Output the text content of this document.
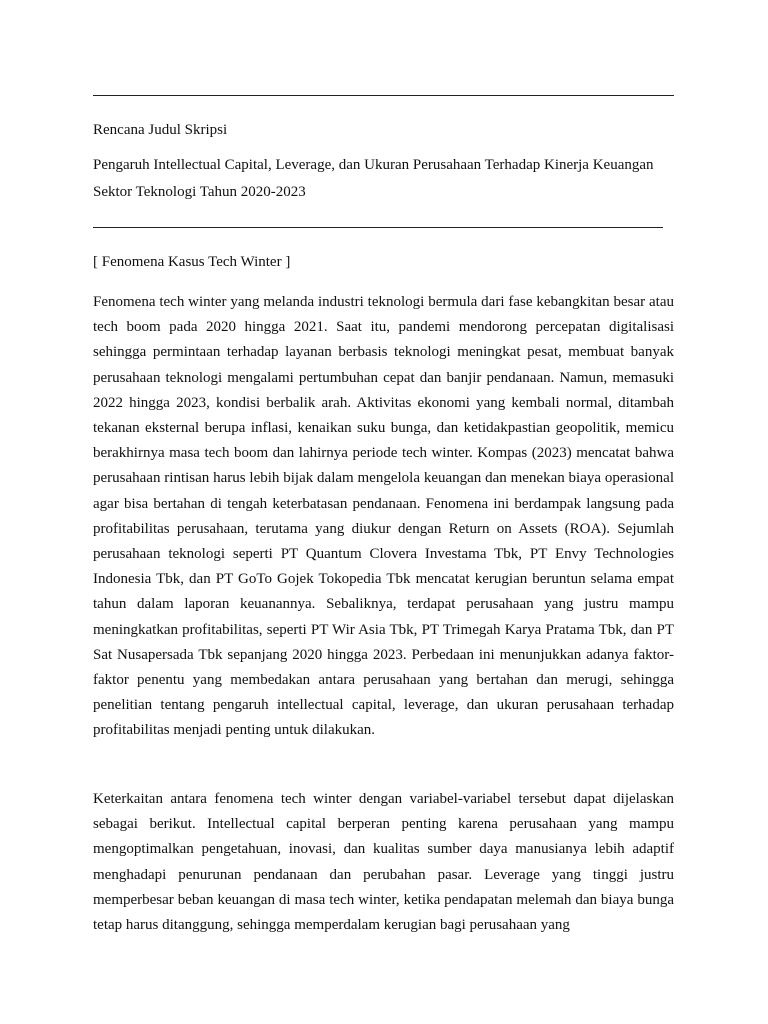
Rencana Judul Skripsi
Pengaruh Intellectual Capital, Leverage, dan Ukuran Perusahaan Terhadap Kinerja Keuangan
Sektor Teknologi Tahun 2020-2023
[ Fenomena Kasus Tech Winter ]

Fenomena tech winter yang melanda industri teknologi bermula dari fase kebangkitan besar atau tech boom pada 2020 hingga 2021. Saat itu, pandemi mendorong percepatan digitalisasi sehingga permintaan terhadap layanan berbasis teknologi meningkat pesat, membuat banyak perusahaan teknologi mengalami pertumbuhan cepat dan banjir pendanaan. Namun, memasuki 2022 hingga 2023, kondisi berbalik arah. Aktivitas ekonomi yang kembali normal, ditambah tekanan eksternal berupa inflasi, kenaikan suku bunga, dan ketidakpastian geopolitik, memicu berakhirnya masa tech boom dan lahirnya periode tech winter. Kompas (2023) mencatat bahwa perusahaan rintisan harus lebih bijak dalam mengelola keuangan dan menekan biaya operasional agar bisa bertahan di tengah keterbatasan pendanaan. Fenomena ini berdampak langsung pada profitabilitas perusahaan, terutama yang diukur dengan Return on Assets (ROA). Sejumlah perusahaan teknologi seperti PT Quantum Clovera Investama Tbk, PT Envy Technologies Indonesia Tbk, dan PT GoTo Gojek Tokopedia Tbk mencatat kerugian beruntun selama empat tahun dalam laporan keuanannya. Sebaliknya, terdapat perusahaan yang justru mampu meningkatkan profitabilitas, seperti PT Wir Asia Tbk, PT Trimegah Karya Pratama Tbk, dan PT Sat Nusapersada Tbk sepanjang 2020 hingga 2023. Perbedaan ini menunjukkan adanya faktor-faktor penentu yang membedakan antara perusahaan yang bertahan dan merugi, sehingga penelitian tentang pengaruh intellectual capital, leverage, dan ukuran perusahaan terhadap profitabilitas menjadi penting untuk dilakukan.

Keterkaitan antara fenomena tech winter dengan variabel-variabel tersebut dapat dijelaskan sebagai berikut. Intellectual capital berperan penting karena perusahaan yang mampu mengoptimalkan pengetahuan, inovasi, dan kualitas sumber daya manusianya lebih adaptif menghadapi penurunan pendanaan dan perubahan pasar. Leverage yang tinggi justru memperbesar beban keuangan di masa tech winter, ketika pendapatan melemah dan biaya bunga tetap harus ditanggung, sehingga memperdalam kerugian bagi perusahaan yang
